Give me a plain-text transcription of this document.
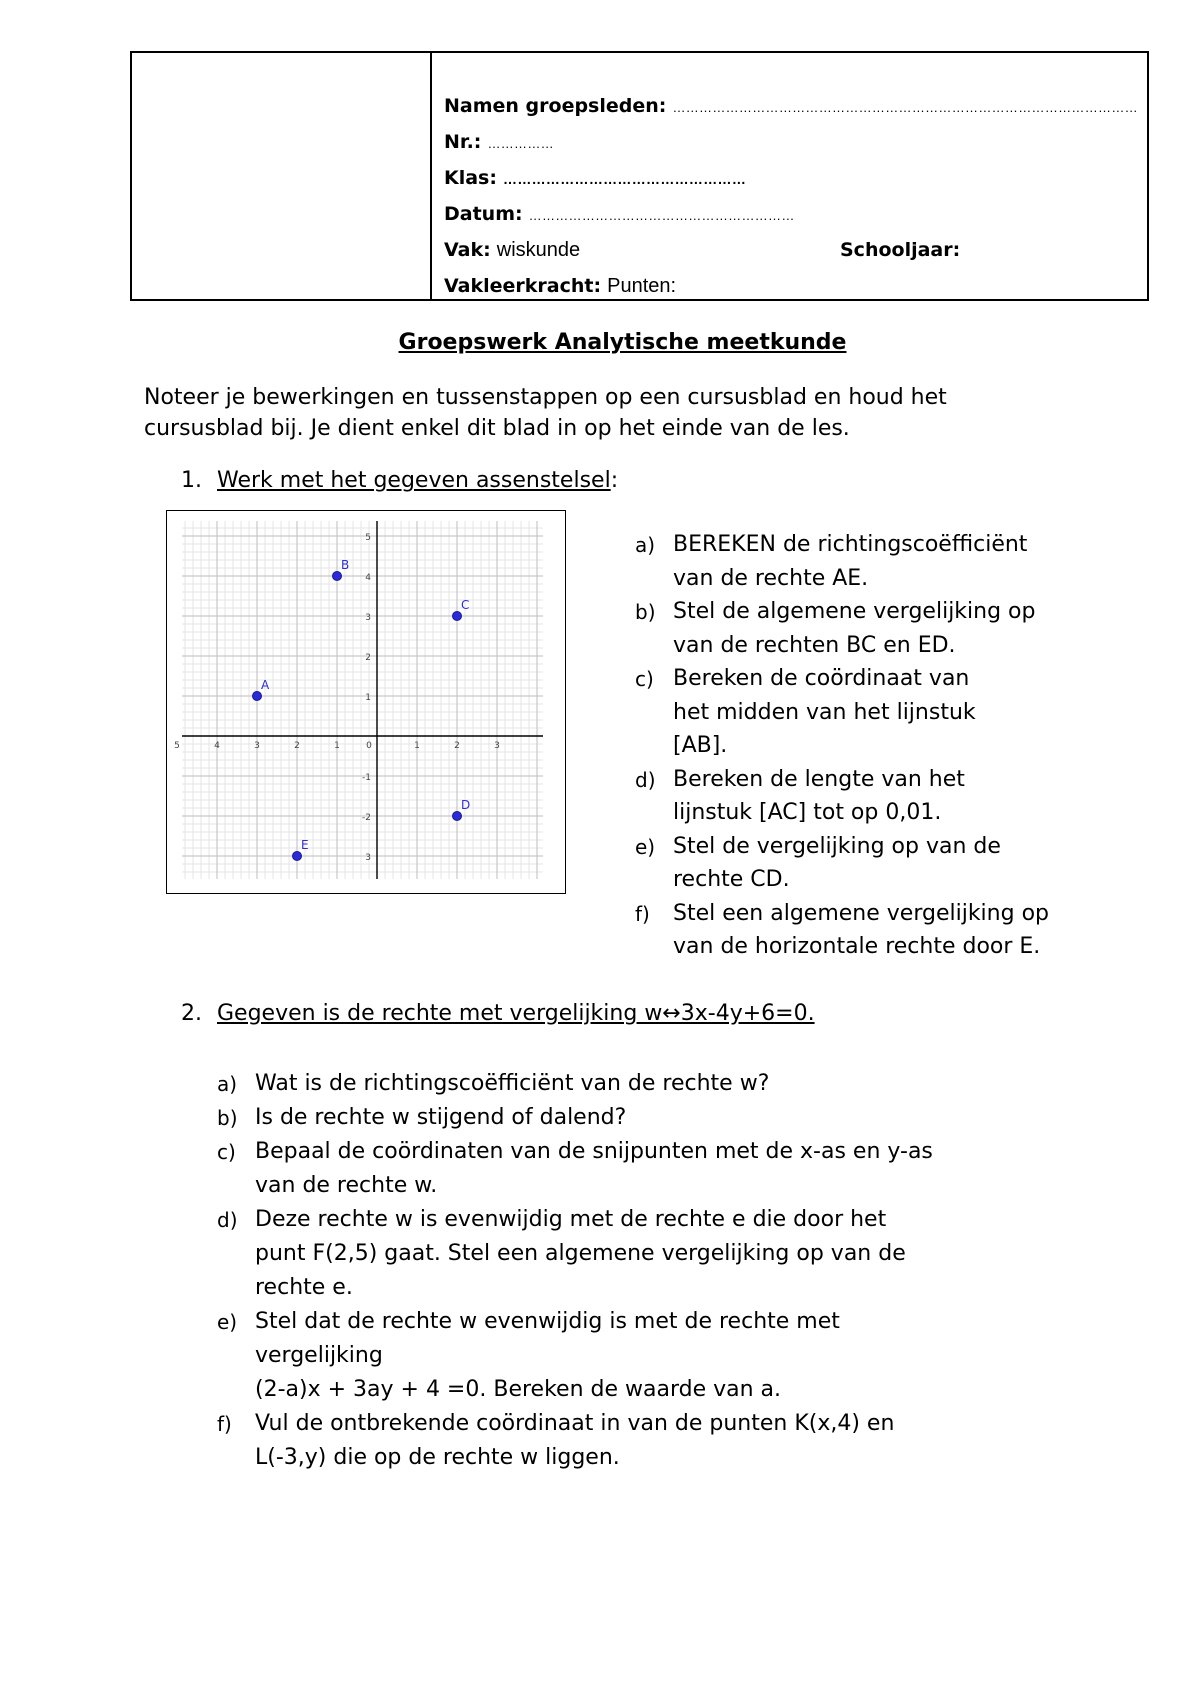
Namen groepsleden: ……………………………………………………………………………………………
Nr.: ……………
Klas: ……………………………………………
Datum: ……………………………………………………
Vak: wiskunde	Schooljaar:
Vakleerkracht: Punten:
Groepswerk Analytische meetkunde
Noteer je bewerkingen en tussenstappen op een cursusblad en houd het cursusblad bij. Je dient enkel dit blad in op het einde van de les.
1. Werk met het gegeven assenstelsel:
5	4	3	2	1	0	1	2	3
5
4
3
2
1
-1
-2
3
A
B
C
D
E
a) BEREKEN de richtingscoëfficiënt
van de rechte AE.
b) Stel de algemene vergelijking op
van de rechten BC en ED.
c) Bereken de coördinaat van
het midden van het lijnstuk
[AB].
d) Bereken de lengte van het
lijnstuk [AC] tot op 0,01.
e) Stel de vergelijking op van de
rechte CD.
f) Stel een algemene vergelijking op
van de horizontale rechte door E.
2. Gegeven is de rechte met vergelijking w↔3x-4y+6=0.
a) Wat is de richtingscoëfficiënt van de rechte w?
b) Is de rechte w stijgend of dalend?
c) Bepaal de coördinaten van de snijpunten met de x-as en y-as
van de rechte w.
d) Deze rechte w is evenwijdig met de rechte e die door het
punt F(2,5) gaat. Stel een algemene vergelijking op van de
rechte e.
e) Stel dat de rechte w evenwijdig is met de rechte met
vergelijking
(2-a)x + 3ay + 4 =0. Bereken de waarde van a.
f) Vul de ontbrekende coördinaat in van de punten K(x,4) en
L(-3,y) die op de rechte w liggen.
